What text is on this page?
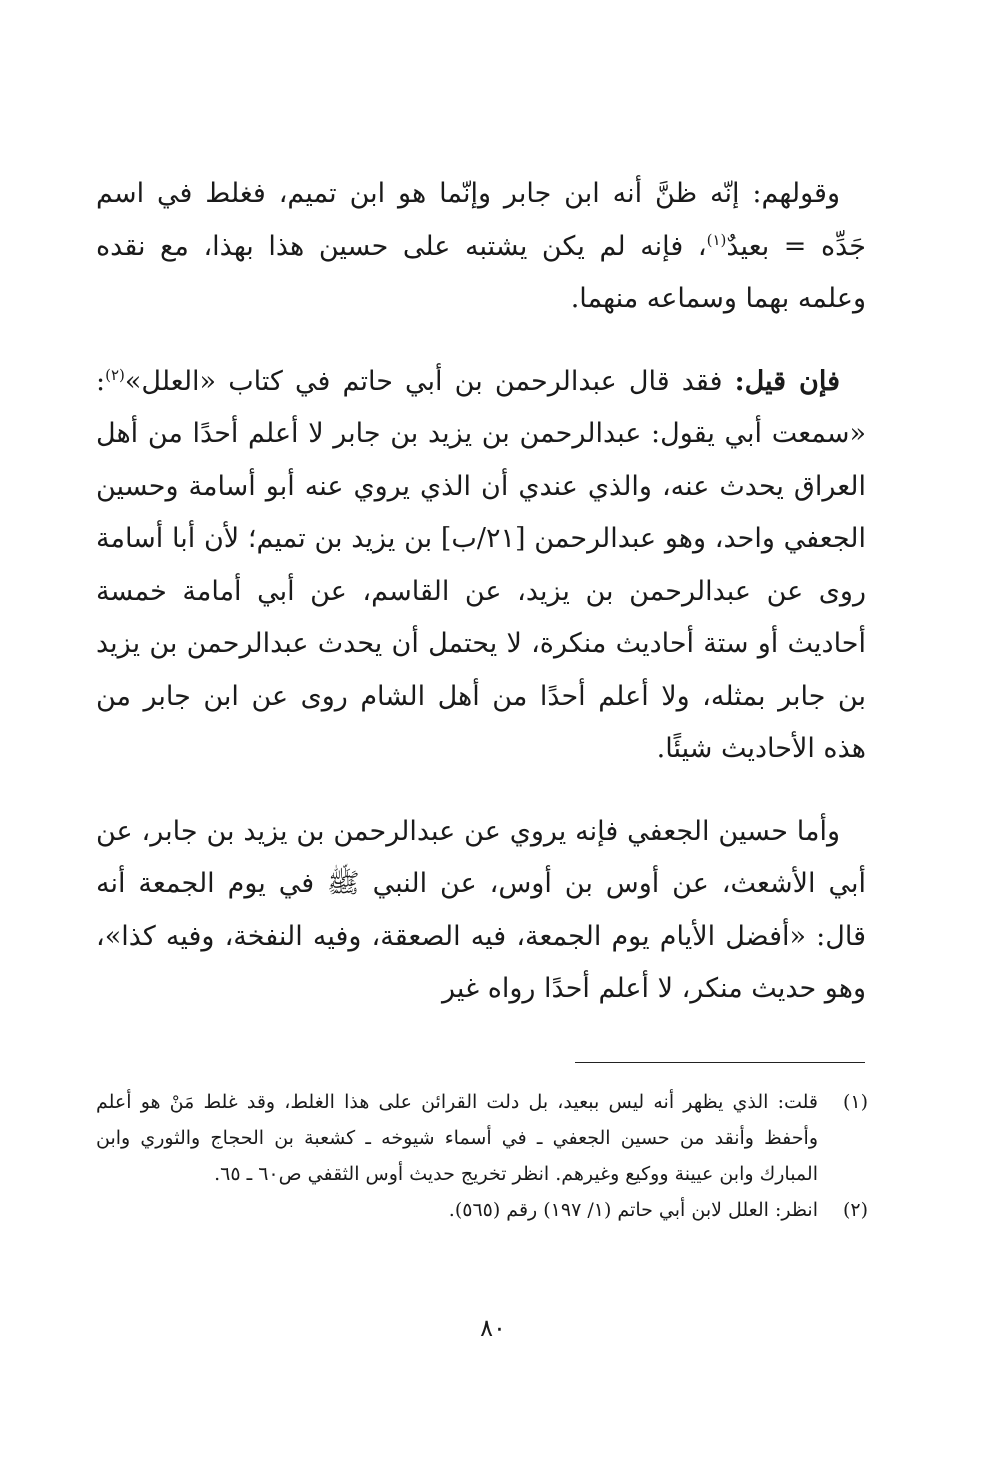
وقولهم: إنّه ظنَّ أنه ابن جابر وإنّما هو ابن تميم، فغلط في اسم جَدِّه = بعيدٌ$^{(١)}$، فإنه لم يكن يشتبه على حسين هذا بهذا، مع نقده وعلمه بهما وسماعه منهما.

فإن قيل: فقد قال عبدالرحمن بن أبي حاتم في كتاب «العلل»$^{(٢)}$: «سمعت أبي يقول: عبدالرحمن بن يزيد بن جابر لا أعلم أحدًا من أهل العراق يحدث عنه، والذي عندي أن الذي يروي عنه أبو أسامة وحسين الجعفي واحد، وهو عبدالرحمن [٢١/ب] بن يزيد بن تميم؛ لأن أبا أسامة روى عن عبدالرحمن بن يزيد، عن القاسم، عن أبي أمامة خمسة أحاديث أو ستة أحاديث منكرة، لا يحتمل أن يحدث عبدالرحمن بن يزيد بن جابر بمثله، ولا أعلم أحدًا من أهل الشام روى عن ابن جابر من هذه الأحاديث شيئًا.

وأما حسين الجعفي فإنه يروي عن عبدالرحمن بن يزيد بن جابر، عن أبي الأشعث، عن أوس بن أوس، عن النبي ﷺ في يوم الجمعة أنه قال: «أفضل الأيام يوم الجمعة، فيه الصعقة، وفيه النفخة، وفيه كذا»، وهو حديث منكر، لا أعلم أحدًا رواه غير

(١)
قلت: الذي يظهر أنه ليس ببعيد، بل دلت القرائن على هذا الغلط، وقد غلط مَنْ هو أعلم وأحفظ وأنقد من حسين الجعفي ـ في أسماء شيوخه ـ كشعبة بن الحجاج والثوري وابن المبارك وابن عيينة ووكيع وغيرهم. انظر تخريج حديث أوس الثقفي ص٦٠ ـ ٦٥.
(٢)
انظر: العلل لابن أبي حاتم (١/ ١٩٧) رقم (٥٦٥).
٨٠
